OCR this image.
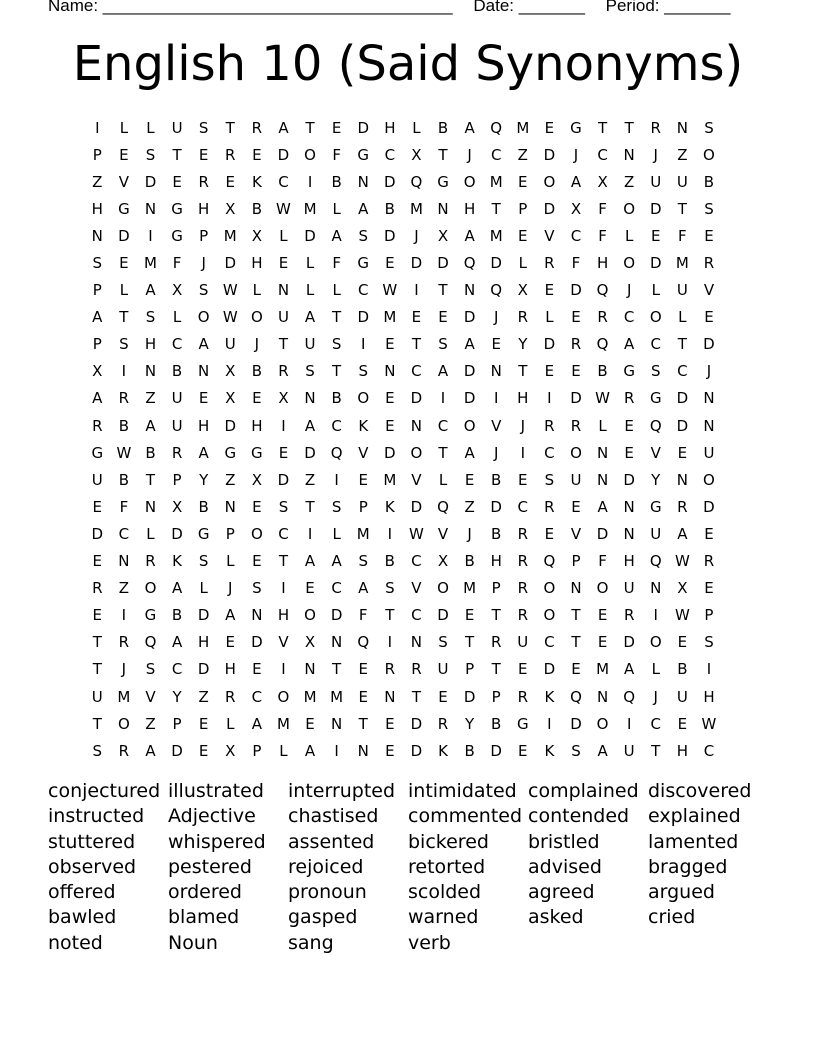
Name: _____________________________________ Date: _______ Period: _______
English 10 (Said Synonyms)
I	L	L	U	S	T	R	A	T	E	D	H	L	B	A	Q M	E	G	T	T	R	N	S
P	E	S	T	E	R	E	D O	F	G	C	X	T	J	C	Z	D	J	C	N	J	Z	O
Z	V	D	E	R	E	K	C	I	B	N	D Q G O M	E	O	A	X	Z	U	U	B
H	G	N	G	H	X	B W M	L	A	B M N	H	T	P	D	X	F	O D	T	S
N	D	I	G	P	M X	L	D	A	S	D	J	X	A M	E	V	C	F	L	E	F	E
S	E	M	F	J	D	H	E	L	F	G	E	D	D Q D	L	R	F	H	O D M R
P	L	A	X	S W L	N	L	L	C W	I	T	N	Q	X	E	D Q	J	L	U	V
A	T	S	L	O W O	U	A	T	D M	E	E	D	J	R	L	E	R	C	O	L	E
P	S	H	C	A	U	J	T	U	S	I	E	T	S	A	E	Y	D	R	Q	A	C	T	D
X	I	N	B	N	X	B	R	S	T	S	N	C	A	D	N	T	E	E	B	G	S	C	J
A	R	Z	U	E	X	E	X	N	B	O	E	D	I	D	I	H	I	D W R	G	D	N
R	B	A	U	H	D	H	I	A	C	K	E	N	C	O	V	J	R	R	L	E	Q D	N
G W B	R	A	G G	E	D Q	V	D O	T	A	J	I	C	O	N	E	V	E	U
U	B	T	P	Y	Z	X	D	Z	I	E	M V	L	E	B	E	S	U	N	D	Y	N	O
E	F	N	X	B	N	E	S	T	S	P	K	D Q	Z	D	C	R	E	A	N	G	R	D
D	C	L	D	G	P	O	C	I	L	M	I	W V	J	B	R	E	V	D	N	U	A	E
E	N	R	K	S	L	E	T	A	A	S	B	C	X	B	H	R	Q	P	F	H	Q W R
R	Z	O	A	L	J	S	I	E	C	A	S	V	O M	P	R	O	N	O	U	N	X	E
E	I	G	B	D	A	N	H	O D	F	T	C	D	E	T	R	O	T	E	R	I	W P
T	R	Q	A	H	E	D	V	X	N	Q	I	N	S	T	R	U	C	T	E	D O	E	S
T	J	S	C	D	H	E	I	N	T	E	R	R	U	P	T	E	D	E	M A	L	B	I
U M V	Y	Z	R	C	O M M	E	N	T	E	D	P	R	K	Q	N	Q	J	U	H
T	O	Z	P	E	L	A M	E	N	T	E	D	R	Y	B	G	I	D O	I	C	E W
S	R	A	D	E	X	P	L	A	I	N	E	D	K	B	D	E	K	S	A	U	T	H	C
conjectured illustrated	interrupted intimidated complained discovered
instructed	Adjective	chastised	commented contended explained
stuttered	whispered	assented	bickered	bristled	lamented
observed	pestered	rejoiced	retorted	advised	bragged
offered	ordered	pronoun	scolded	agreed	argued
bawled	blamed	gasped	warned	asked	cried
noted	Noun	sang	verb
